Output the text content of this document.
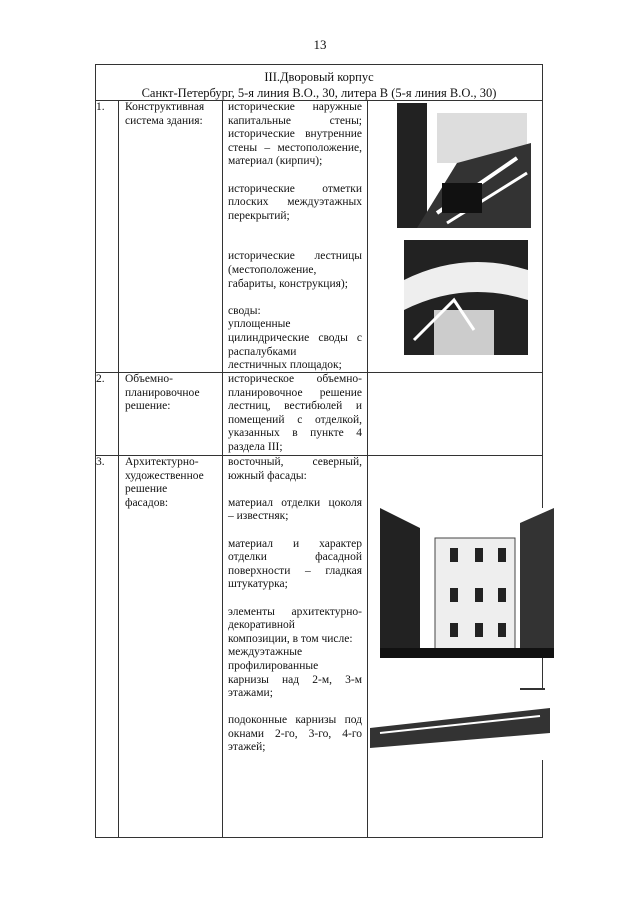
13
III.Дворовый корпус
Санкт-Петербург, 5-я линия В.О., 30, литера В (5-я линия В.О., 30)
1. Конструктивная
система здания:
исторические наружные
капитальные стены;
исторические внутренние
стены – местоположение,
материал (кирпич);
исторические отметки
плоских междуэтажных
перекрытий;
исторические лестницы
(местоположение,
габариты, конструкция);
своды:
уплощенные
цилиндрические своды с
распалубками
лестничных площадок;
2. Объемно-
планировочное
решение:
историческое объемно-
планировочное решение
лестниц, вестибюлей и
помещений с отделкой,
указанных в пункте 4
раздела III;
3. Архитектурно-
художественное
решение
фасадов:
восточный, северный,
южный фасады:
материал отделки цоколя
– известняк;
материал и характер
отделки фасадной
поверхности – гладкая
штукатурка;
элементы архитектурно-
декоративной
композиции, в том числе:
междуэтажные
профилированные
карнизы над 2-м, 3-м
этажами;
подоконные карнизы под
окнами 2-го, 3-го, 4-го
этажей;
